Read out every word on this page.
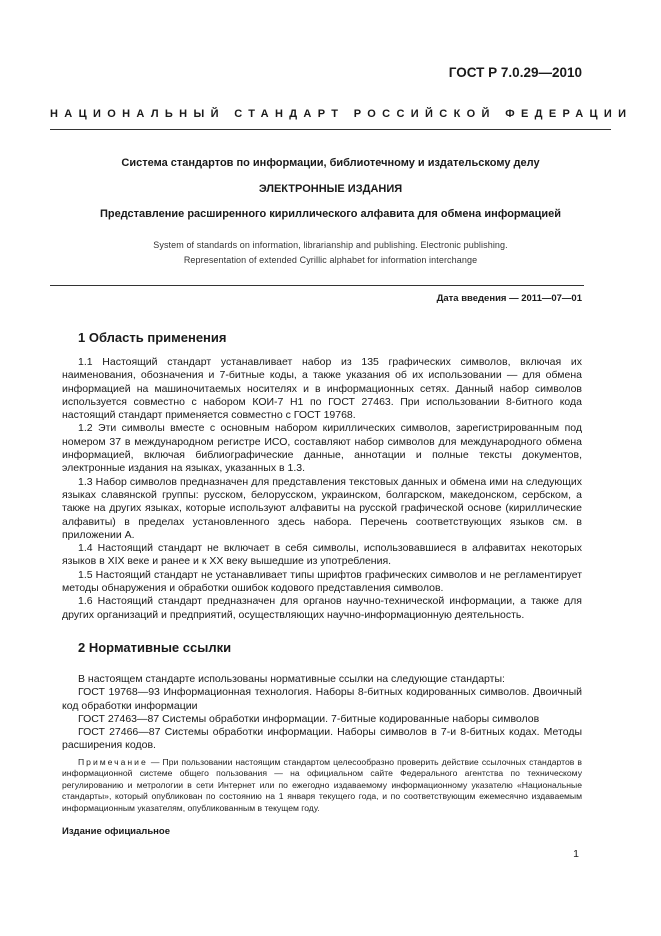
ГОСТ Р 7.0.29—2010
НАЦИОНАЛЬНЫЙ СТАНДАРТ РОССИЙСКОЙ ФЕДЕРАЦИИ
Система стандартов по информации, библиотечному и издательскому делу
ЭЛЕКТРОННЫЕ ИЗДАНИЯ
Представление расширенного кириллического алфавита для обмена информацией
System of standards on information, librarianship and publishing. Electronic publishing.
Representation of extended Cyrillic alphabet for information interchange
Дата введения — 2011—07—01
1 Область применения

1.1 Настоящий стандарт устанавливает набор из 135 графических символов, включая их наименования, обозначения и 7-битные коды, а также указания об их использовании — для обмена информацией на машиночитаемых носителях и в информационных сетях. Данный набор символов используется совместно с набором КОИ-7 Н1 по ГОСТ 27463. При использовании 8-битного кода настоящий стандарт применяется совместно с ГОСТ 19768.

1.2 Эти символы вместе с основным набором кириллических символов, зарегистрированным под номером 37 в международном регистре ИСО, составляют набор символов для международного обмена информацией, включая библиографические данные, аннотации и полные тексты документов, электронные издания на языках, указанных в 1.3.

1.3 Набор символов предназначен для представления текстовых данных и обмена ими на следующих языках славянской группы: русском, белорусском, украинском, болгарском, македонском, сербском, а также на других языках, которые используют алфавиты на русской графической основе (кириллические алфавиты) в пределах установленного здесь набора. Перечень соответствующих языков см. в приложении А.

1.4 Настоящий стандарт не включает в себя символы, использовавшиеся в алфавитах некоторых языков в XIX веке и ранее и к XX веку вышедшие из употребления.

1.5 Настоящий стандарт не устанавливает типы шрифтов графических символов и не регламентирует методы обнаружения и обработки ошибок кодового представления символов.

1.6 Настоящий стандарт предназначен для органов научно-технической информации, а также для других организаций и предприятий, осуществляющих научно-информационную деятельность.

2 Нормативные ссылки

В настоящем стандарте использованы нормативные ссылки на следующие стандарты:

ГОСТ 19768—93 Информационная технология. Наборы 8-битных кодированных символов. Двоичный код обработки информации

ГОСТ 27463—87 Системы обработки информации. 7-битные кодированные наборы символов

ГОСТ 27466—87 Системы обработки информации. Наборы символов в 7-и 8-битных кодах. Методы расширения кодов.

Примечание — При пользовании настоящим стандартом целесообразно проверить действие ссылочных стандартов в информационной системе общего пользования — на официальном сайте Федерального агентства по техническому регулированию и метрологии в сети Интернет или по ежегодно издаваемому информационному указателю «Национальные стандарты», который опубликован по состоянию на 1 января текущего года, и по соответствующим ежемесячно издаваемым информационным указателям, опубликованным в текущем году.
Издание официальное
1
